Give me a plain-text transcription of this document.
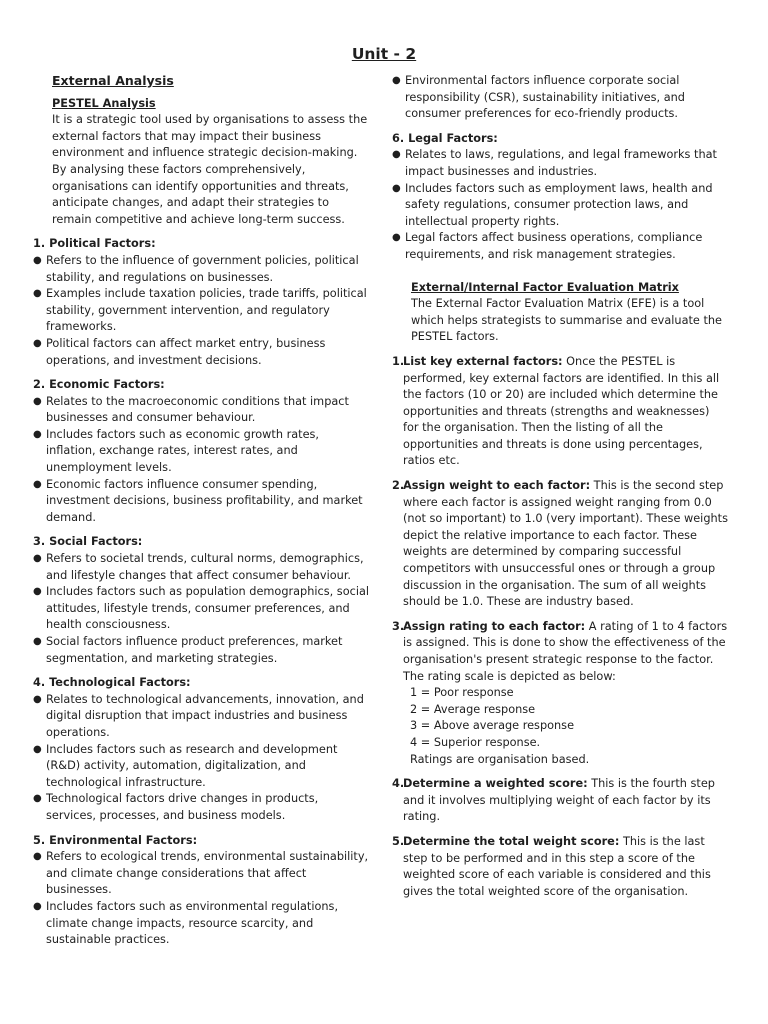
Unit - 2
External Analysis
PESTEL Analysis
It is a strategic tool used by organisations to assess the external factors that may impact their business environment and influence strategic decision-making. By analysing these factors comprehensively, organisations can identify opportunities and threats, anticipate changes, and adapt their strategies to remain competitive and achieve long-term success.
1. Political Factors:
● Refers to the influence of government policies, political stability, and regulations on businesses.
● Examples include taxation policies, trade tariffs, political stability, government intervention, and regulatory frameworks.
● Political factors can affect market entry, business operations, and investment decisions.
2. Economic Factors:
● Relates to the macroeconomic conditions that impact businesses and consumer behaviour.
● Includes factors such as economic growth rates, inflation, exchange rates, interest rates, and unemployment levels.
● Economic factors influence consumer spending, investment decisions, business profitability, and market demand.
3. Social Factors:
● Refers to societal trends, cultural norms, demographics, and lifestyle changes that affect consumer behaviour.
● Includes factors such as population demographics, social attitudes, lifestyle trends, consumer preferences, and health consciousness.
● Social factors influence product preferences, market segmentation, and marketing strategies.
4. Technological Factors:
● Relates to technological advancements, innovation, and digital disruption that impact industries and business operations.
● Includes factors such as research and development (R&D) activity, automation, digitalization, and technological infrastructure.
● Technological factors drive changes in products, services, processes, and business models.
5. Environmental Factors:
● Refers to ecological trends, environmental sustainability, and climate change considerations that affect businesses.
● Includes factors such as environmental regulations, climate change impacts, resource scarcity, and sustainable practices.
● Environmental factors influence corporate social responsibility (CSR), sustainability initiatives, and consumer preferences for eco-friendly products.
6. Legal Factors:
● Relates to laws, regulations, and legal frameworks that impact businesses and industries.
● Includes factors such as employment laws, health and safety regulations, consumer protection laws, and intellectual property rights.
● Legal factors affect business operations, compliance requirements, and risk management strategies.
External/Internal Factor Evaluation Matrix
The External Factor Evaluation Matrix (EFE) is a tool which helps strategists to summarise and evaluate the PESTEL factors.
1.
List key external factors: Once the PESTEL is performed, key external factors are identified. In this all the factors (10 or 20) are included which determine the opportunities and threats (strengths and weaknesses) for the organisation. Then the listing of all the opportunities and threats is done using percentages, ratios etc.
2.
Assign weight to each factor: This is the second step where each factor is assigned weight ranging from 0.0 (not so important) to 1.0 (very important). These weights depict the relative importance to each factor. These weights are determined by comparing successful competitors with unsuccessful ones or through a group discussion in the organisation. The sum of all weights should be 1.0. These are industry based.
3.
Assign rating to each factor: A rating of 1 to 4 factors is assigned. This is done to show the effectiveness of the organisation's present strategic response to the factor. The rating scale is depicted as below:
1 = Poor response
2 = Average response
3 = Above average response
4 = Superior response.
Ratings are organisation based.
4.
Determine a weighted score: This is the fourth step and it involves multiplying weight of each factor by its rating.
5.
Determine the total weight score: This is the last step to be performed and in this step a score of the weighted score of each variable is considered and this gives the total weighted score of the organisation.
